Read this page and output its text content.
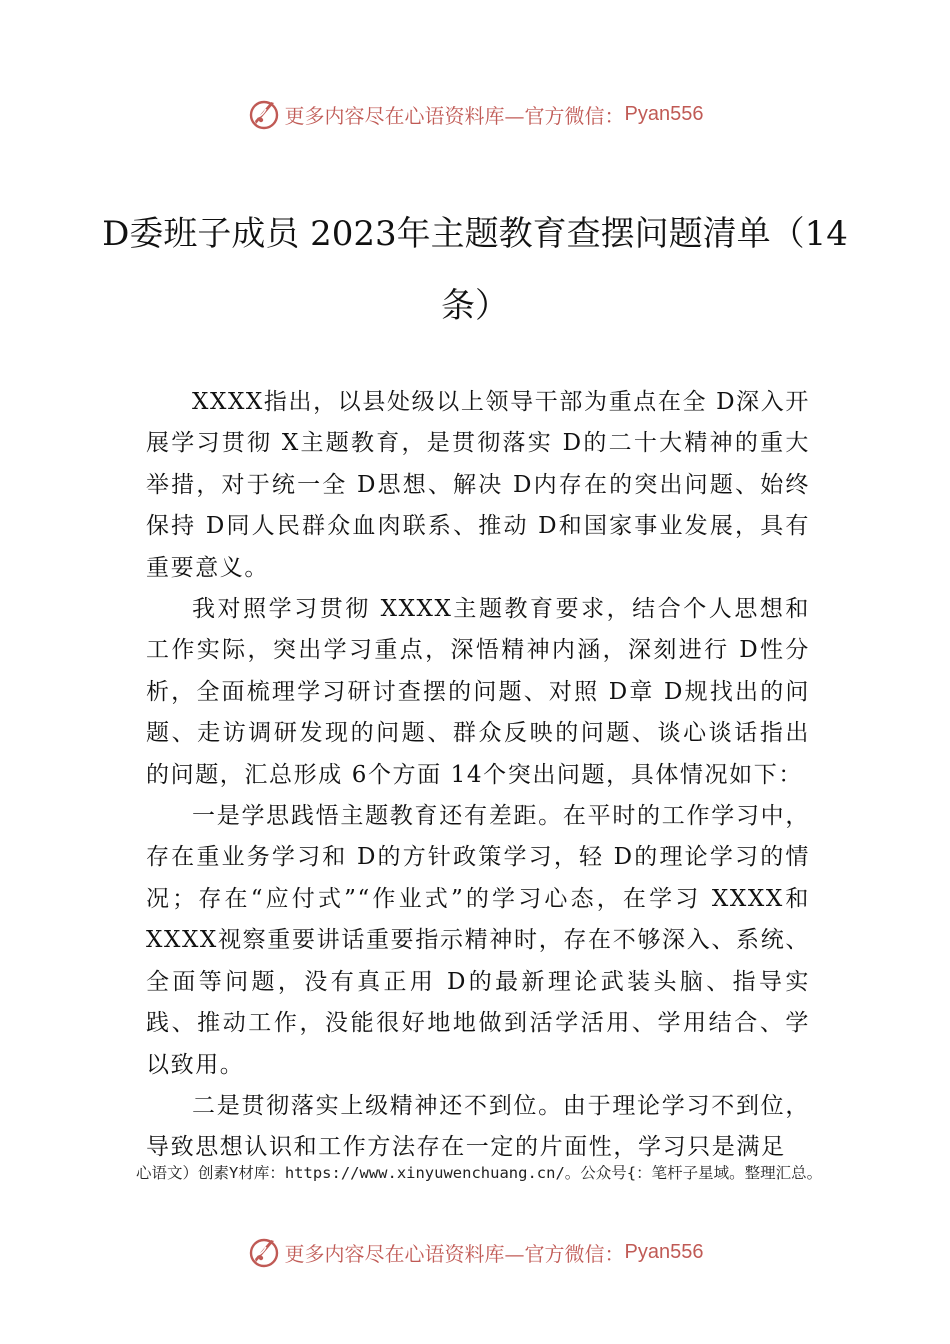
更多内容尽在心语资料库—官方微信： Pyan556
D委班子成员 2023年主题教育查摆问题清单（14条）

XXXX指出，以县处级以上领导干部为重点在全 D深入开展学习贯彻 X主题教育，是贯彻落实 D的二十大精神的重大举措，对于统一全 D思想、解决 D内存在的突出问题、始终保持 D同人民群众血肉联系、推动 D和国家事业发展，具有重要意义。

我对照学习贯彻 XXXX主题教育要求，结合个人思想和工作实际，突出学习重点，深悟精神内涵，深刻进行 D性分析，全面梳理学习研讨查摆的问题、对照 D章 D规找出的问题、走访调研发现的问题、群众反映的问题、谈心谈话指出的问题，汇总形成 6个方面 14个突出问题，具体情况如下：

一是学思践悟主题教育还有差距。在平时的工作学习中，存在重业务学习和 D的方针政策学习，轻 D的理论学习的情况；存在“应付式”“作业式”的学习心态，在学习 XXXX和XXXX视察重要讲话重要指示精神时，存在不够深入、系统、全面等问题，没有真正用 D的最新理论武装头脑、指导实践、推动工作，没能很好地地做到活学活用、学用结合、学以致用。

二是贯彻落实上级精神还不到位。由于理论学习不到位，导致思想认识和工作方法存在一定的片面性，学习只是满足

心语文）创素Y材库：https://www.xinyuwenchuang.cn/。公众号{：笔杆子星域。整理汇总。
更多内容尽在心语资料库—官方微信： Pyan556
